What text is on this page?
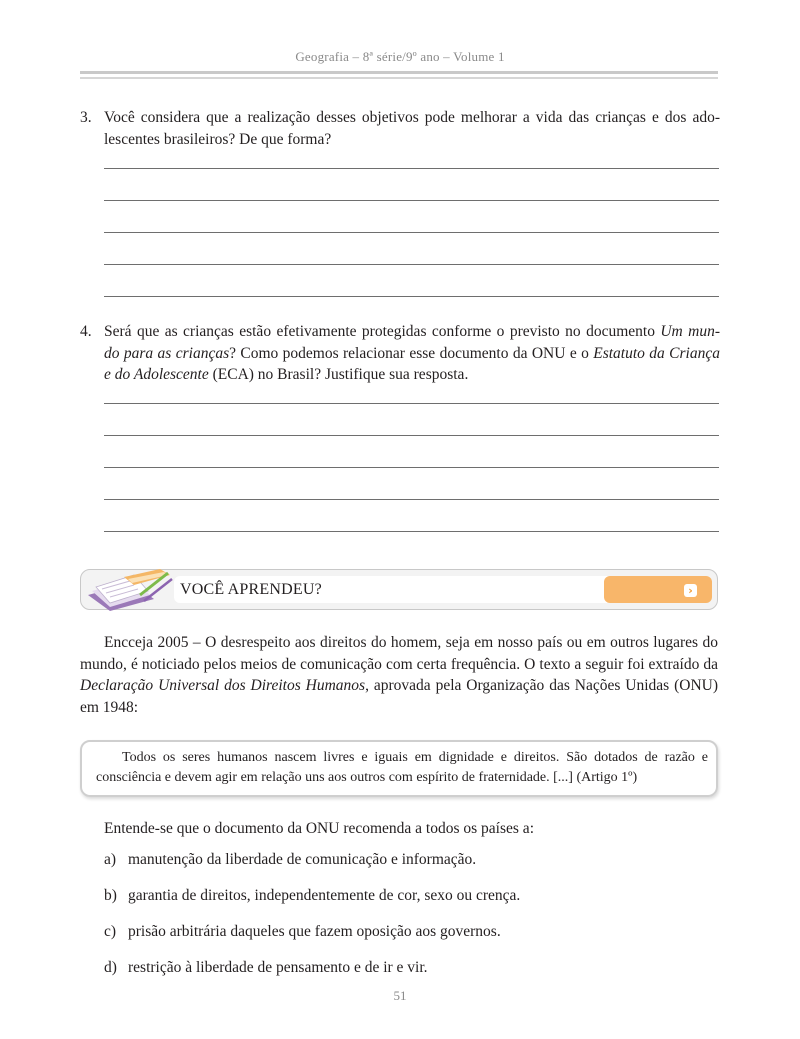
Geografia – 8ª série/9º ano – Volume 1
3. Você considera que a realização desses objetivos pode melhorar a vida das crianças e dos ado-
lescentes brasileiros? De que forma?
4. Será que as crianças estão efetivamente protegidas conforme o previsto no documento Um mun-
do para as crianças? Como podemos relacionar esse documento da ONU e o Estatuto da Criança
e do Adolescente (ECA) no Brasil? Justifique sua resposta.
VOCÊ APRENDEU?	›
Encceja 2005 – O desrespeito aos direitos do homem, seja em nosso país ou em outros lugares do mundo, é noticiado pelos meios de comunicação com certa frequência. O texto a seguir foi extraído da Declaração Universal dos Direitos Humanos, aprovada pela Organização das Nações Unidas (ONU) em 1948:
Todos os seres humanos nascem livres e iguais em dignidade e direitos. São dotados de razão e consciência e devem agir em relação uns aos outros com espírito de fraternidade. [...] (Artigo 1º)
Entende-se que o documento da ONU recomenda a todos os países a:
a) manutenção da liberdade de comunicação e informação.
b) garantia de direitos, independentemente de cor, sexo ou crença.
c) prisão arbitrária daqueles que fazem oposição aos governos.
d) restrição à liberdade de pensamento e de ir e vir.
51
